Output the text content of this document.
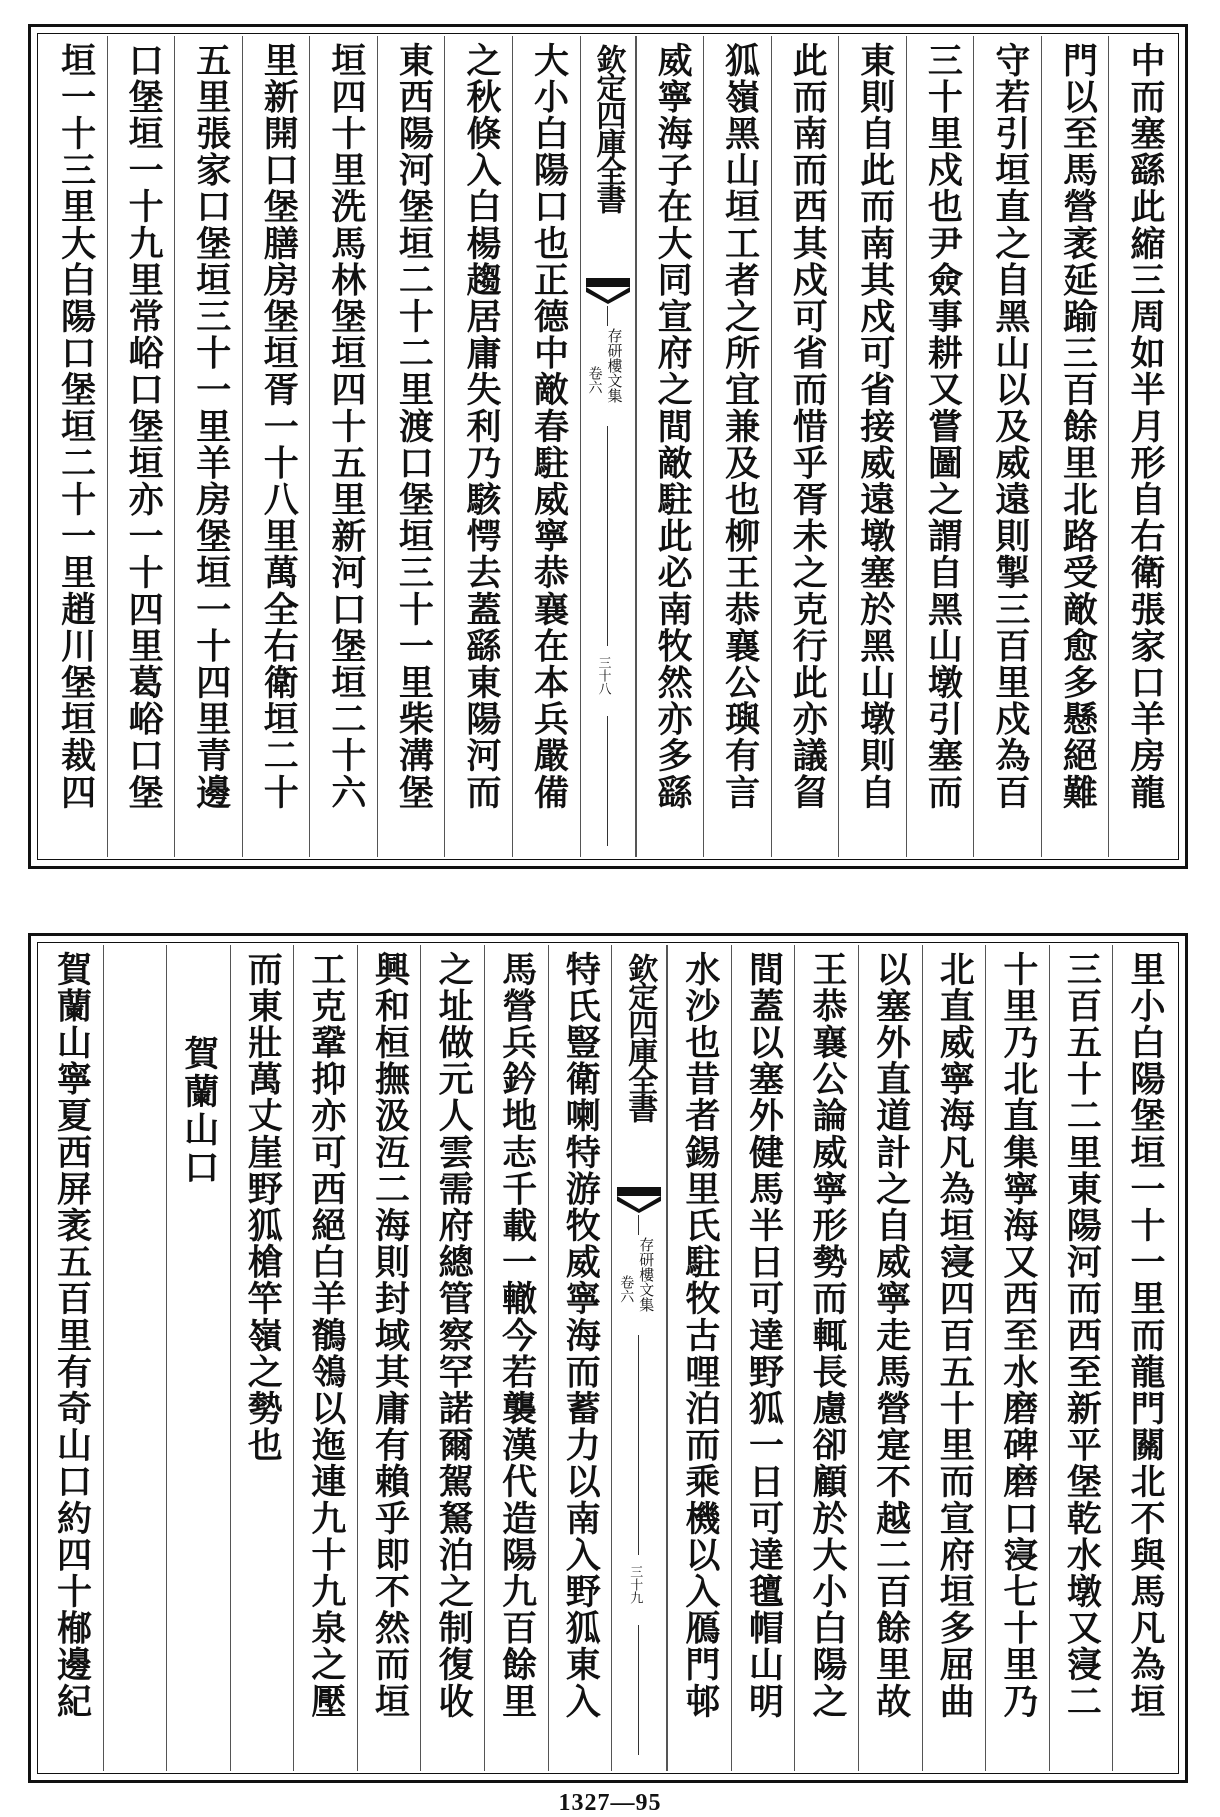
中而塞繇此縮三周如半月形自右衛張家口羊房龍
門以至馬營袤延踰三百餘里北路受敵愈多懸絕難
守若引垣直之自黑山以及威遠則掣三百里戍為百
三十里戍也尹僉事耕又嘗圖之謂自黑山墩引塞而
東則自此而南其戍可省接威遠墩塞於黑山墩則自
此而南而西其戍可省而惜乎胥未之克行此亦議䀜
狐嶺黑山垣工者之所宜兼及也柳王恭襄公璵有言
威寧海子在大同宣府之間敵駐此必南牧然亦多繇
欽定四庫全書
存研樓文集
卷六
三十八
大小白陽口也正德中敵春駐威寧恭襄在本兵嚴備
之秋倏入白楊趨居庸失利乃駭愕去蓋繇東陽河而
東西陽河堡垣二十二里渡口堡垣三十一里柴溝堡
垣四十里洗馬林堡垣四十五里新河口堡垣二十六
里新開口堡膳房堡垣胥一十八里萬全右衛垣二十
五里張家口堡垣三十一里羊房堡垣一十四里青邊
口堡垣一十九里常峪口堡垣亦一十四里葛峪口堡
垣一十三里大白陽口堡垣二十一里趙川堡垣裁四
里小白陽堡垣一十一里而龍門關北不與馬凡為垣
三百五十二里東陽河而西至新平堡乾水墩又寖二
十里乃北直集寧海又西至水磨碑磨口寖七十里乃
北直威寧海凡為垣寖四百五十里而宣府垣多屈曲
以塞外直道計之自威寧走馬營寔不越二百餘里故
王恭襄公論威寧形勢而輒長慮卻顧於大小白陽之
間蓋以塞外健馬半日可達野狐一日可達氊帽山明
水沙也昔者錫里氏駐牧古哩泊而乘機以入鴈門邨
欽定四庫全書
存研樓文集
卷六
三十九
特氏豎衛喇特游牧威寧海而蓄力以南入野狐東入
馬營兵鈐地志千載一轍今若襲漢代造陽九百餘里
之址做元人雲需府總管察罕諾爾駕駑泊之制復收
興和桓撫汲沍二海則封域其庸有賴乎即不然而垣
工克鞏抑亦可西絕白羊鶺鴒以迤連九十九泉之壓
而東壯萬丈崖野狐槍竿嶺之勢也
賀蘭山口
賀蘭山寧夏西屏袤五百里有奇山口約四十㮋邊紀
1327—95
